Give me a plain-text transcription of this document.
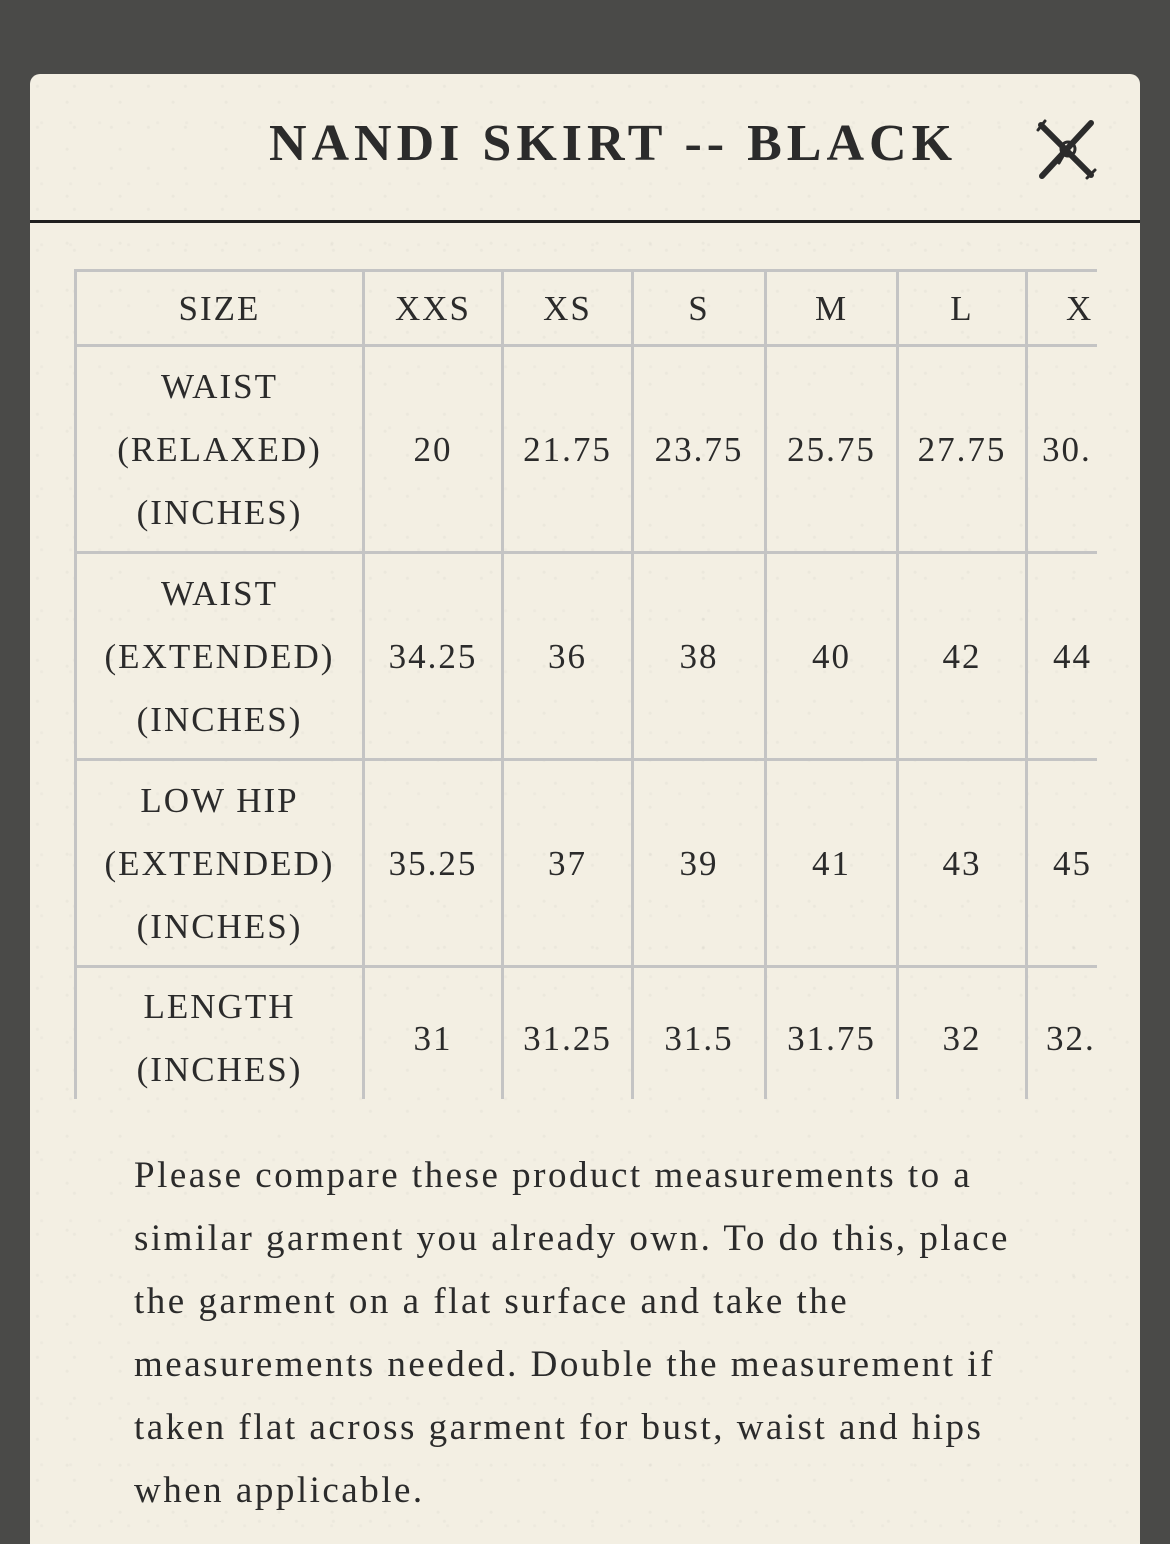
NANDI SKIRT -- BLACK
SIZE	XXS	XS	S	M	L	X

WAIST
(RELAXED)
(INCHES)	20	21.75	23.75	25.75	27.75	30.

WAIST
(EXTENDED)
(INCHES)	34.25	36	38	40	42	44

LOW HIP
(EXTENDED)
(INCHES)	35.25	37	39	41	43	45

LENGTH
(INCHES)	31	31.25	31.5	31.75	32	32.

Please compare these product measurements to a similar garment you already own. To do this, place the garment on a flat surface and take the measurements needed. Double the measurement if taken flat across garment for bust, waist and hips when applicable.
